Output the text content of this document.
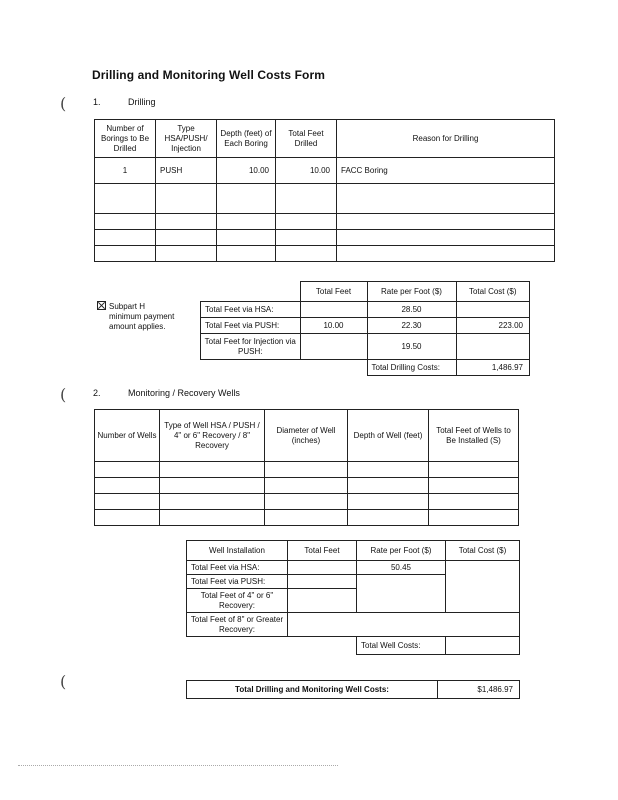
Drilling and Monitoring Well Costs Form
(	1.	Drilling
Number of Borings to Be Drilled	Type HSA/PUSH/ Injection	Depth (feet) of Each Boring	Total Feet Drilled	Reason for Drilling
1	PUSH	10.00	10.00	FACC Boring

Subpart H
minimum payment
amount applies.
	Total Feet	Rate per Foot ($)	Total Cost ($)
Total Feet via HSA:		28.50	
Total Feet via PUSH:	10.00	22.30	223.00
Total Feet for Injection via PUSH:		19.50	
		Total Drilling Costs:	1,486.97
(	2.	Monitoring / Recovery Wells
Number of Wells	Type of Well HSA / PUSH / 4" or 6" Recovery / 8" Recovery	Diameter of Well (inches)	Depth of Well (feet)	Total Feet of Wells to Be Installed (S)

Well Installation	Total Feet	Rate per Foot ($)	Total Cost ($)
Total Feet via HSA:		50.45	
Total Feet via PUSH:			
Total Feet of 4" or 6" Recovery:			
Total Feet of 8" or Greater Recovery:			
		Total Well Costs:	
(	Total Drilling and Monitoring Well Costs:	$1,486.97
